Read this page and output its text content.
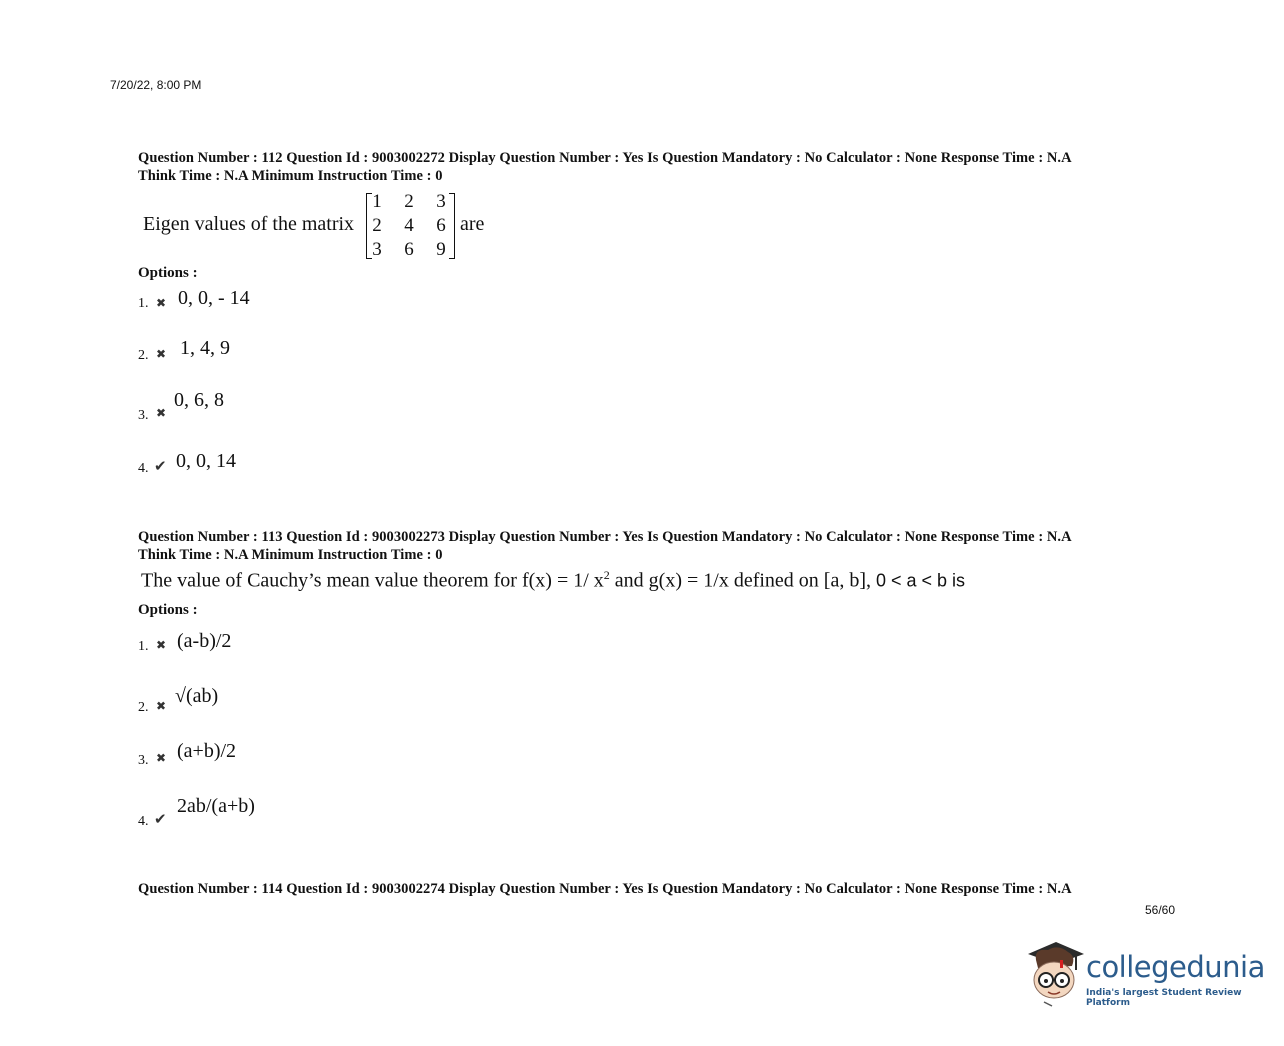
7/20/22, 8:00 PM
Question Number : 112 Question Id : 9003002272 Display Question Number : Yes Is Question Mandatory : No Calculator : None Response Time : N.A
Think Time : N.A Minimum Instruction Time : 0
Eigen values of the matrix
1	2	3
2	4	6
3	6	9
are
Options :
1. ✖ 0, 0, - 14
2. ✖ 1, 4, 9
3. ✖
0, 6, 8
4. ✔ 0, 0, 14
Question Number : 113 Question Id : 9003002273 Display Question Number : Yes Is Question Mandatory : No Calculator : None Response Time : N.A
Think Time : N.A Minimum Instruction Time : 0
The value of Cauchy’s mean value theorem for f(x) = 1/ $x^2$ and g(x) = 1/x defined on [a, b], 0 < a < b is
Options :
1. ✖ (a-b)/2
2. ✖ √(ab)
3. ✖ (a+b)/2
4. ✔
2ab/(a+b)
Question Number : 114 Question Id : 9003002274 Display Question Number : Yes Is Question Mandatory : No Calculator : None Response Time : N.A
56/60
collegedunia
India's largest Student Review Platform
